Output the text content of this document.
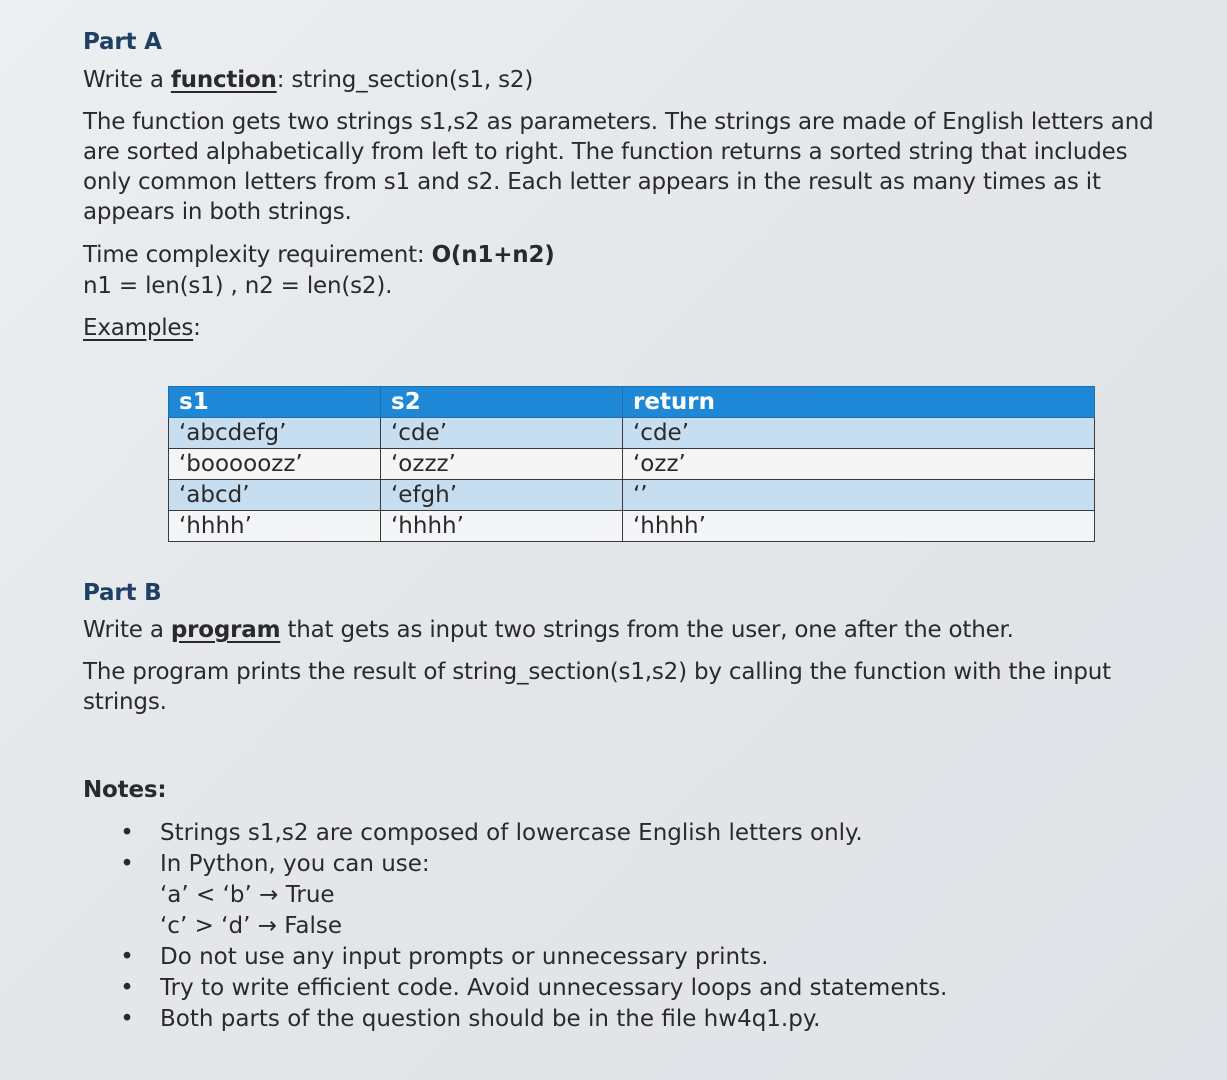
Part A

Write a function: string_section(s1, s2)

The function gets two strings s1,s2 as parameters. The strings are made of English letters and are sorted alphabetically from left to right. The function returns a sorted string that includes only common letters from s1 and s2. Each letter appears in the result as many times as it appears in both strings.

Time complexity requirement: O(n1+n2)

n1 = len(s1) , n2 = len(s2).

Examples:

s1	s2	return
‘abcdefg’	‘cde’	‘cde’
‘booooozz’	‘ozzz’	‘ozz’
‘abcd’	‘efgh’	‘’
‘hhhh’	‘hhhh’	‘hhhh’
Part B

Write a program that gets as input two strings from the user, one after the other.

The program prints the result of string_section(s1,s2) by calling the function with the input strings.

Notes:
• Strings s1,s2 are composed of lowercase English letters only.
• In Python, you can use:
‘a’ < ‘b’ → True
‘c’ > ‘d’ → False
• Do not use any input prompts or unnecessary prints.
• Try to write efficient code. Avoid unnecessary loops and statements.
• Both parts of the question should be in the file hw4q1.py.
